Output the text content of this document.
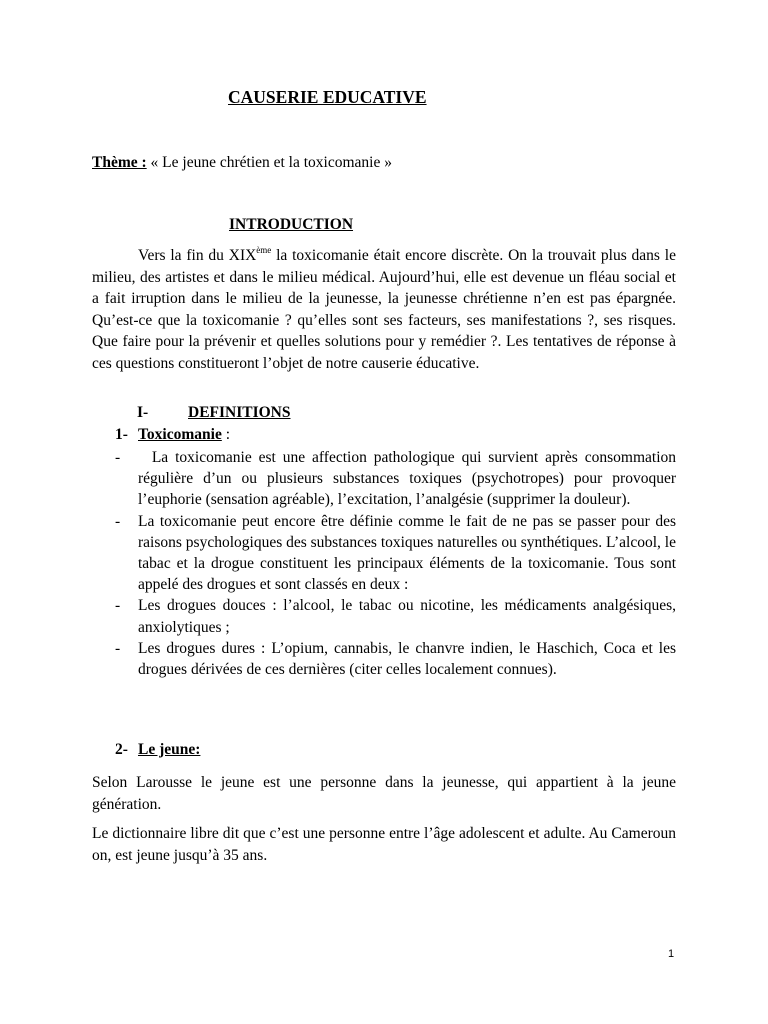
CAUSERIE EDUCATIVE
Thème : « Le jeune chrétien et la toxicomanie »
INTRODUCTION

Vers la fin du XIXème la toxicomanie était encore discrète. On la trouvait plus dans le milieu, des artistes et dans le milieu médical. Aujourd’hui, elle est devenue un fléau social et a fait irruption dans le milieu de la jeunesse, la jeunesse chrétienne n’en est pas épargnée. Qu’est-ce que la toxicomanie ? qu’elles sont ses facteurs, ses manifestations ?, ses risques. Que faire pour la prévenir et quelles solutions pour y remédier ?. Les tentatives de réponse à ces questions constitueront l’objet de notre causerie éducative.

I-	DEFINITIONS
1- Toxicomanie :
- La toxicomanie est une affection pathologique qui survient après consommation régulière d’un ou plusieurs substances toxiques (psychotropes) pour provoquer l’euphorie (sensation agréable), l’excitation, l’analgésie (supprimer la douleur).
- La toxicomanie peut encore être définie comme le fait de ne pas se passer pour des raisons psychologiques des substances toxiques naturelles ou synthétiques. L’alcool, le tabac et la drogue constituent les principaux éléments de la toxicomanie. Tous sont appelé des drogues et sont classés en deux :
- Les drogues douces : l’alcool, le tabac ou nicotine, les médicaments analgésiques, anxiolytiques ;
- Les drogues dures : L’opium, cannabis, le chanvre indien, le Haschich, Coca et les drogues dérivées de ces dernières (citer celles localement connues).
2- Le jeune:

Selon Larousse le jeune est une personne dans la jeunesse, qui appartient à la jeune génération.

Le dictionnaire libre dit que c’est une personne entre l’âge adolescent et adulte. Au Cameroun on, est jeune jusqu’à 35 ans.

1
